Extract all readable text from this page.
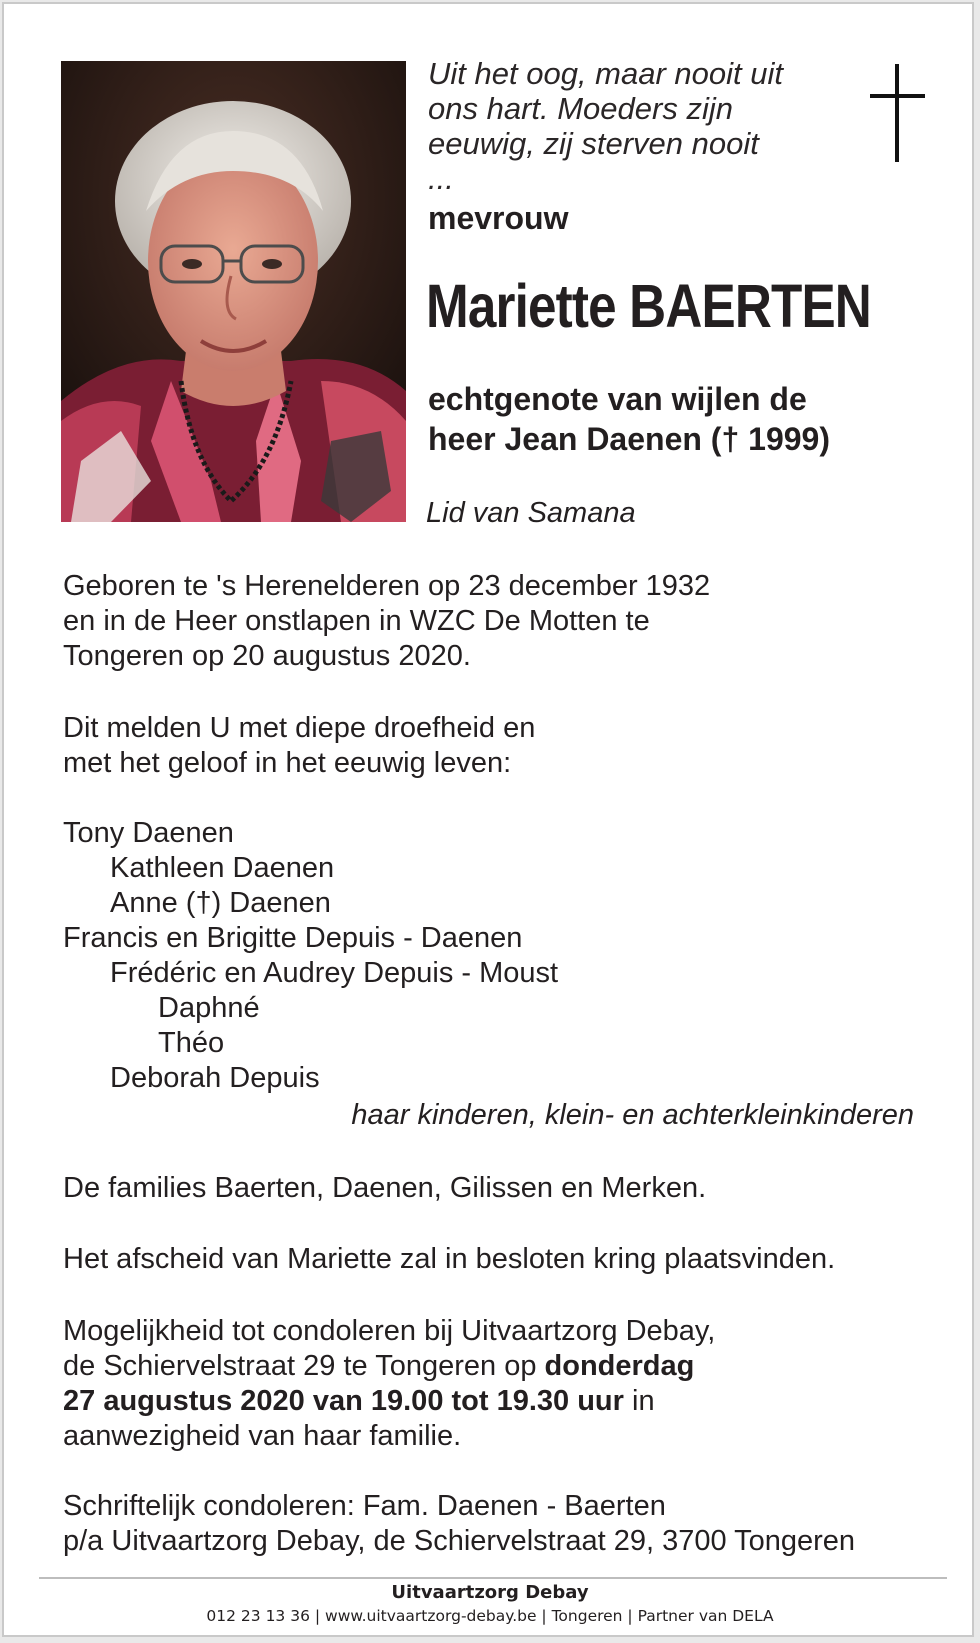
Uit het oog, maar nooit uit
ons hart. Moeders zijn
eeuwig, zij sterven nooit ...
mevrouw
Mariette BAERTEN
echtgenote van wijlen de
heer Jean Daenen († 1999)
Lid van Samana
Geboren te 's Herenelderen op 23 december 1932
en in de Heer onstlapen in WZC De Motten te
Tongeren op 20 augustus 2020.
Dit melden U met diepe droefheid en
met het geloof in het eeuwig leven:
Tony Daenen
Kathleen Daenen
Anne (†) Daenen
Francis en Brigitte Depuis - Daenen
Frédéric en Audrey Depuis - Moust
Daphné
Théo
Deborah Depuis
haar kinderen, klein- en achterkleinkinderen
De families Baerten, Daenen, Gilissen en Merken.
Het afscheid van Mariette zal in besloten kring plaatsvinden.
Mogelijkheid tot condoleren bij Uitvaartzorg Debay,
de Schiervelstraat 29 te Tongeren op donderdag
27 augustus 2020 van 19.00 tot 19.30 uur in
aanwezigheid van haar familie.
Schriftelijk condoleren: Fam. Daenen - Baerten
p/a Uitvaartzorg Debay, de Schiervelstraat 29, 3700 Tongeren
Uitvaartzorg Debay
012 23 13 36 | www.uitvaartzorg-debay.be | Tongeren | Partner van DELA
